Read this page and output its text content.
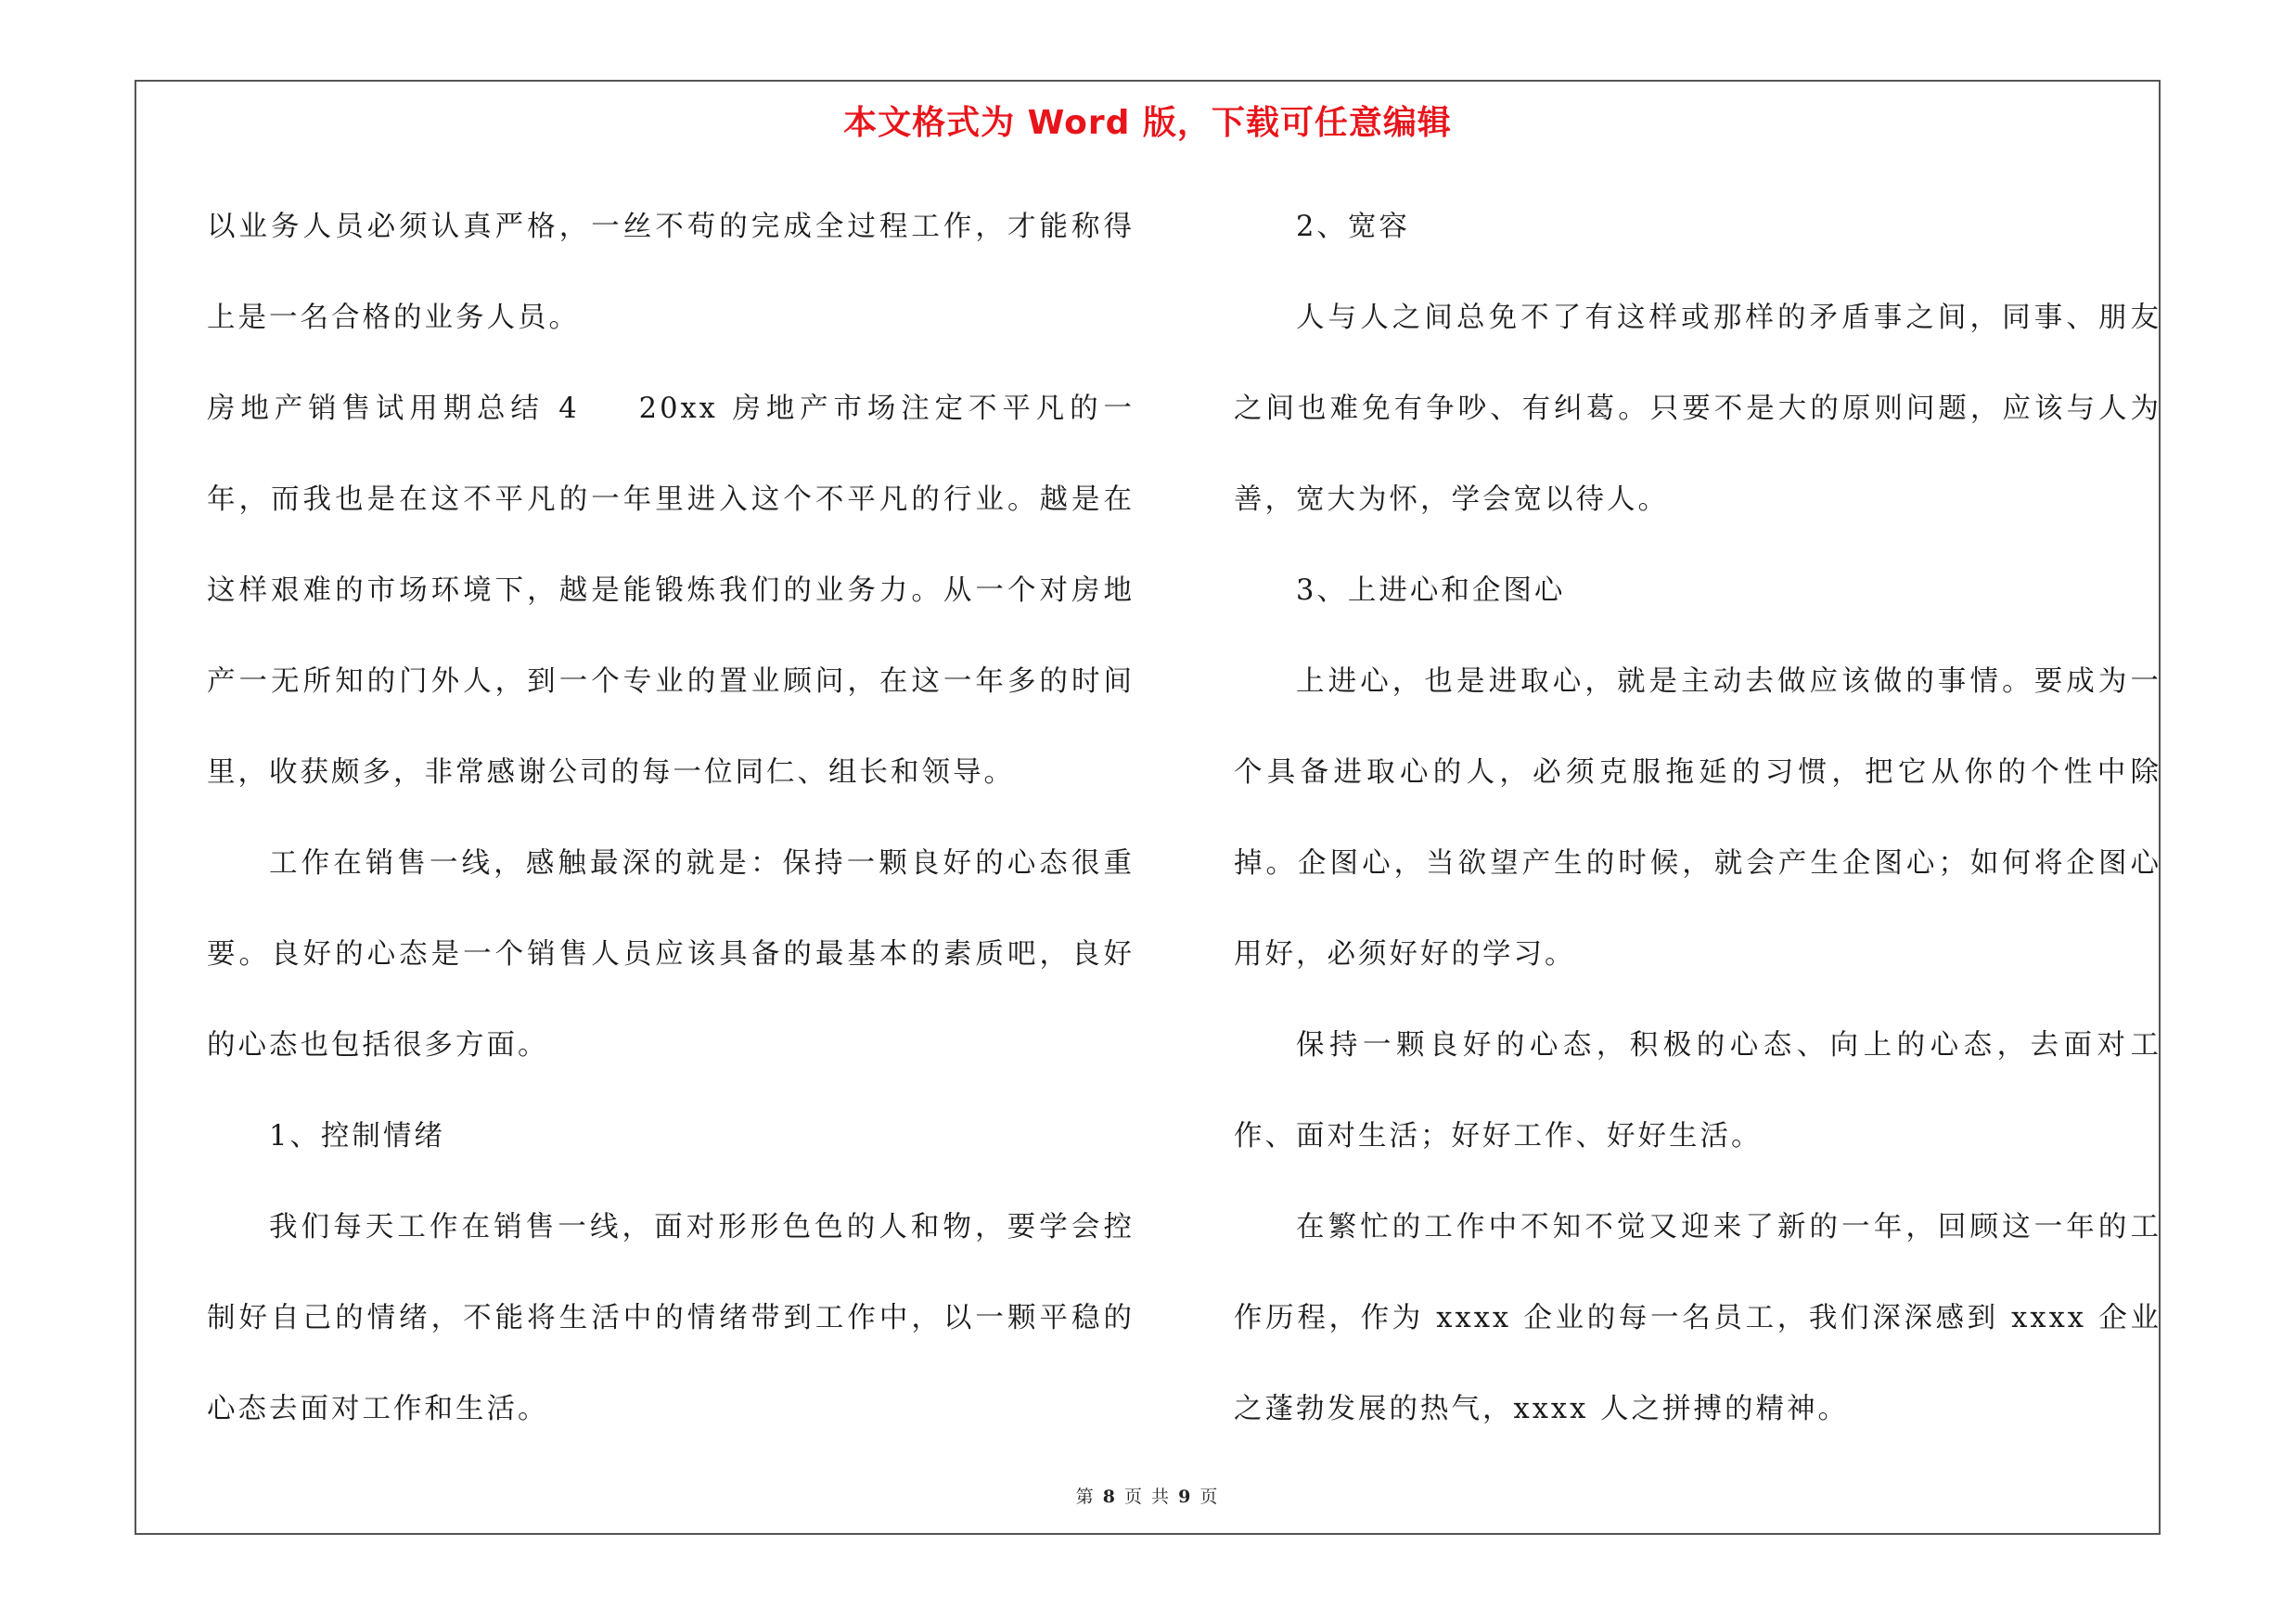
本文格式为 Word 版，下载可任意编辑

以业务人员必须认真严格，一丝不苟的完成全过程工作，才能称得上是一名合格的业务人员。

房地产销售试用期总结 4 20xx 房地产市场注定不平凡的一年，而我也是在这不平凡的一年里进入这个不平凡的行业。越是在这样艰难的市场环境下，越是能锻炼我们的业务力。从一个对房地产一无所知的门外人，到一个专业的置业顾问，在这一年多的时间里，收获颇多，非常感谢公司的每一位同仁、组长和领导。

工作在销售一线，感触最深的就是：保持一颗良好的心态很重要。良好的心态是一个销售人员应该具备的最基本的素质吧，良好的心态也包括很多方面。

1、控制情绪

我们每天工作在销售一线，面对形形色色的人和物，要学会控制好自己的情绪，不能将生活中的情绪带到工作中，以一颗平稳的心态去面对工作和生活。

2、宽容

人与人之间总免不了有这样或那样的矛盾事之间，同事、朋友之间也难免有争吵、有纠葛。只要不是大的原则问题，应该与人为善，宽大为怀，学会宽以待人。

3、上进心和企图心

上进心，也是进取心，就是主动去做应该做的事情。要成为一个具备进取心的人，必须克服拖延的习惯，把它从你的个性中除掉。企图心，当欲望产生的时候，就会产生企图心；如何将企图心用好，必须好好的学习。

保持一颗良好的心态，积极的心态、向上的心态，去面对工作、面对生活；好好工作、好好生活。

在繁忙的工作中不知不觉又迎来了新的一年，回顾这一年的工作历程，作为 xxxx 企业的每一名员工，我们深深感到 xxxx 企业之蓬勃发展的热气，xxxx 人之拼搏的精神。

第 8 页 共 9 页
